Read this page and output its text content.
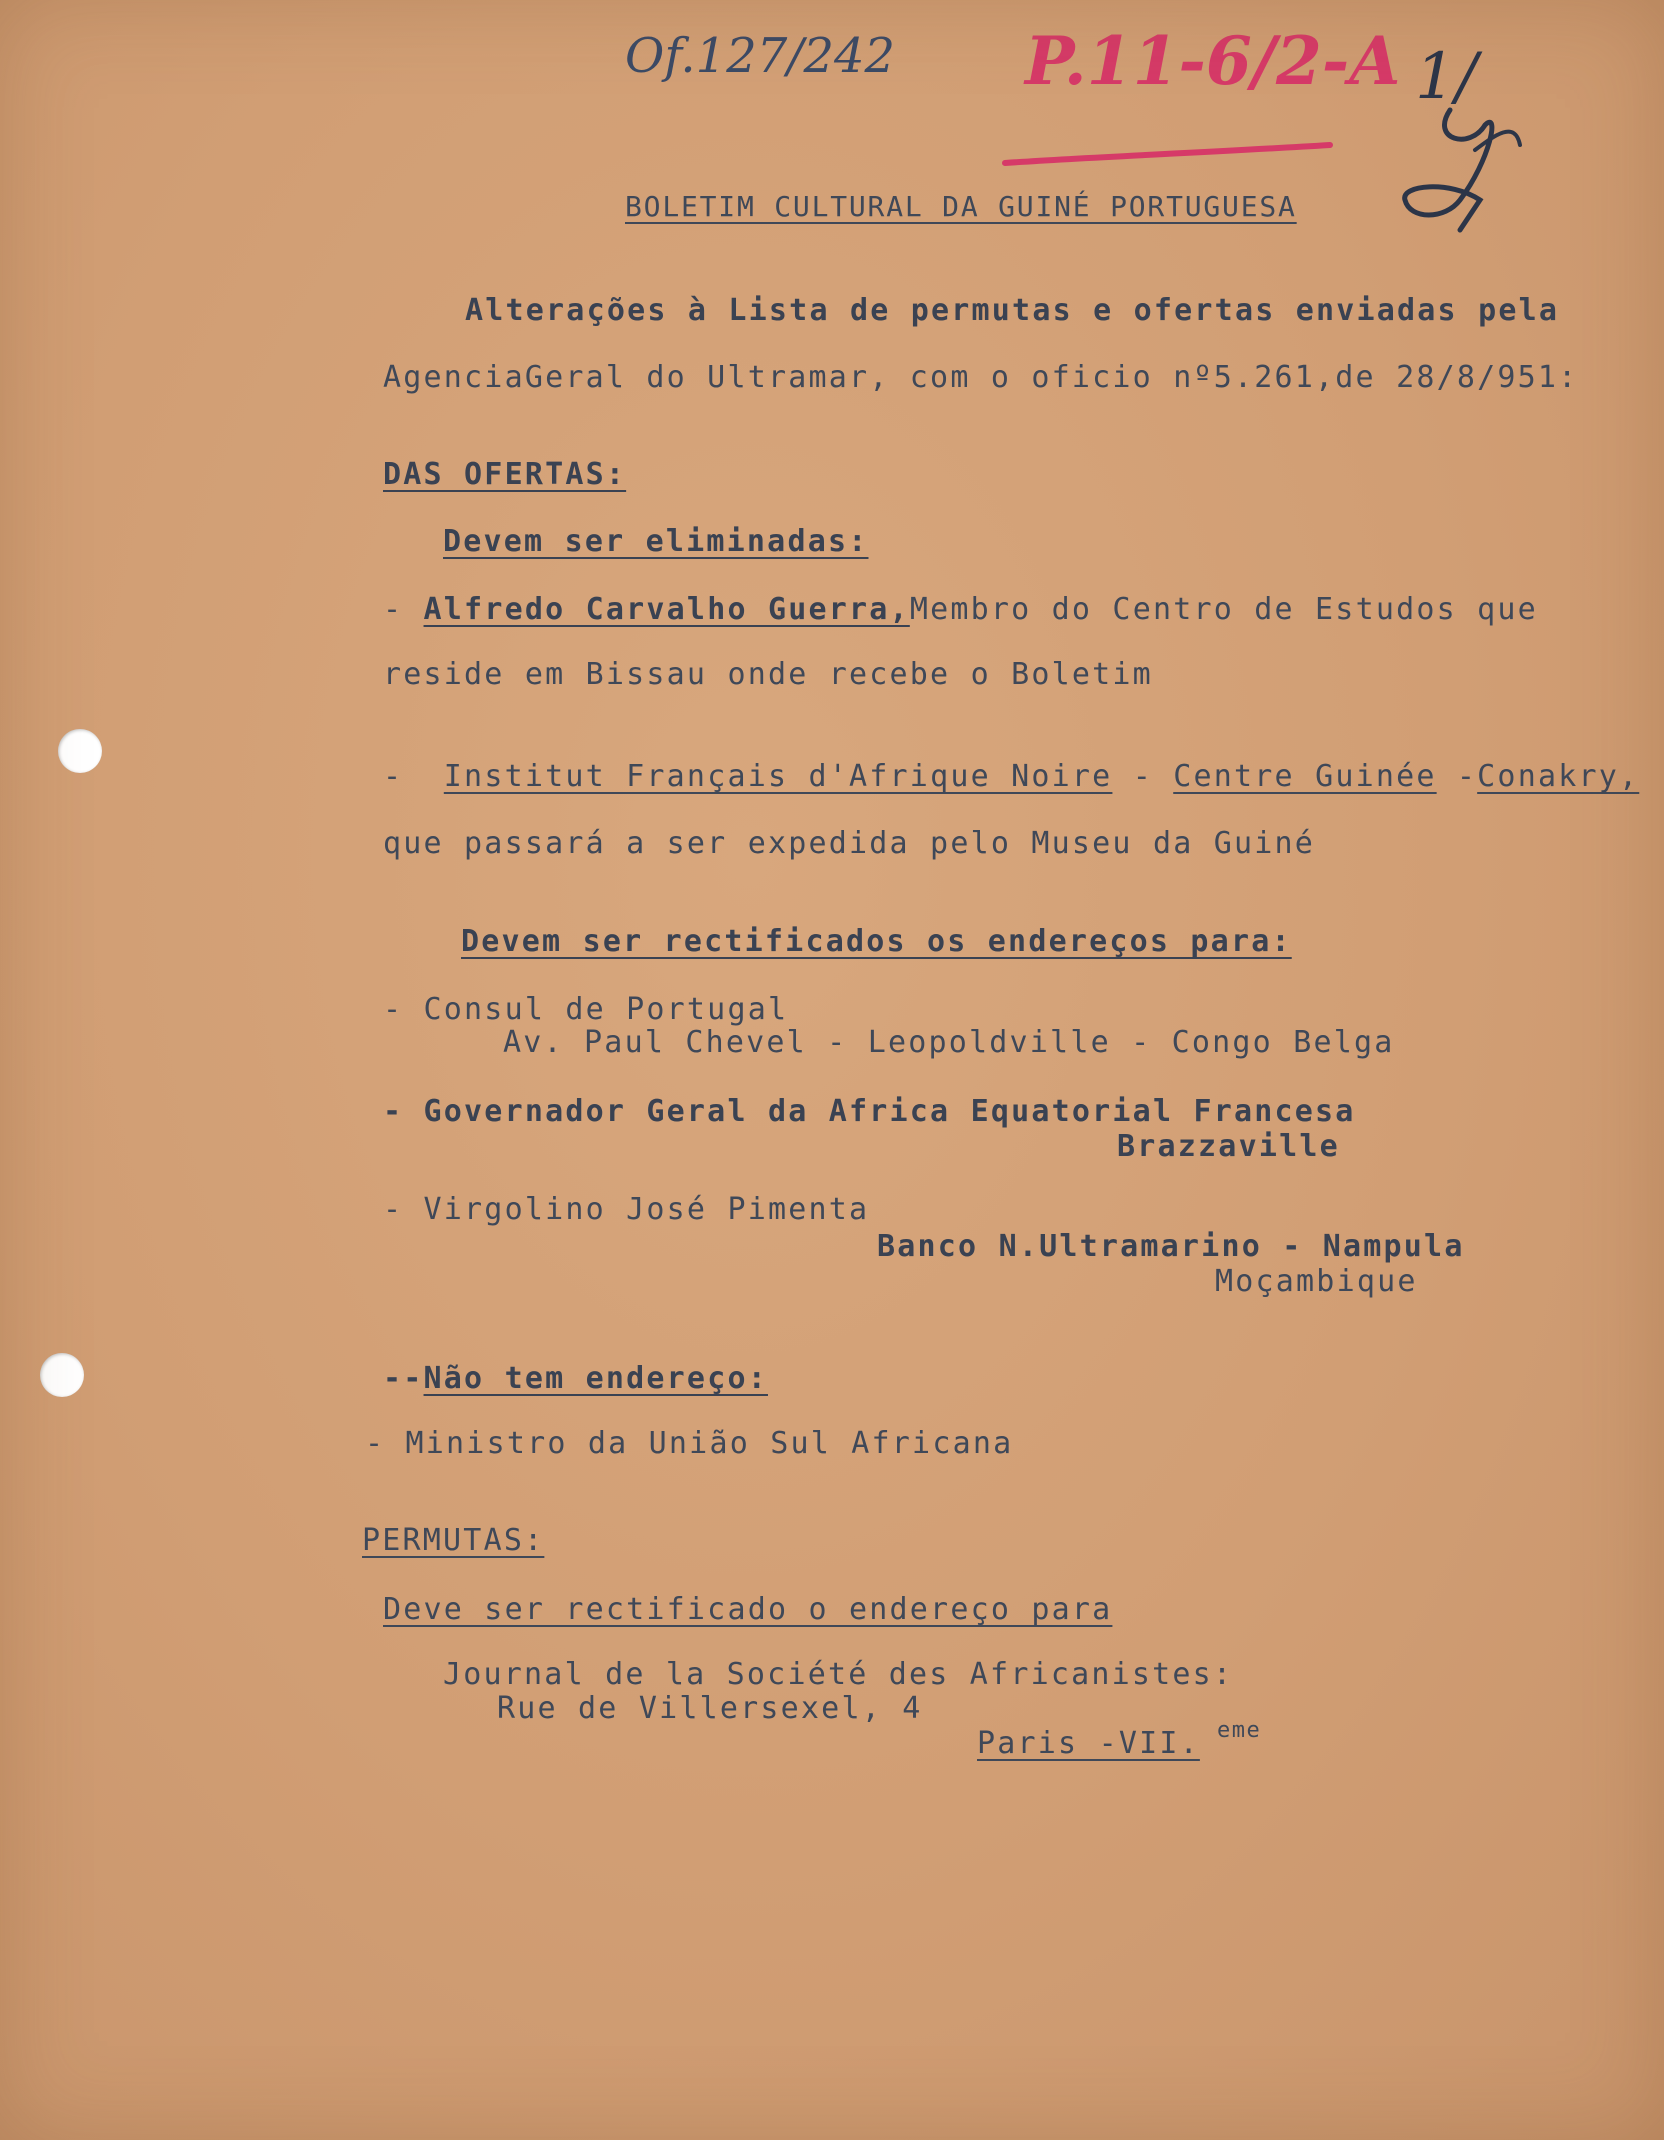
Of.127/242 P.11-6/2-A 1/
BOLETIM CULTURAL DA GUINÉ PORTUGUESA
Alterações à Lista de permutas e ofertas enviadas pela
AgenciaGeral do Ultramar, com o oficio nº5.261,de 28/8/951:
DAS OFERTAS:
Devem ser eliminadas:
- Alfredo Carvalho Guerra,Membro do Centro de Estudos que
reside em Bissau onde recebe o Boletim
-  Institut Français d'Afrique Noire - Centre Guinée -Conakry,
que passará a ser expedida pelo Museu da Guiné
Devem ser rectificados os endereços para:
- Consul de Portugal
Av. Paul Chevel - Leopoldville - Congo Belga
- Governador Geral da Africa Equatorial Francesa
Brazzaville
- Virgolino José Pimenta
Banco N.Ultramarino - Nampula
Moçambique
--Não tem endereço:
- Ministro da União Sul Africana
PERMUTAS:
Deve ser rectificado o endereço para
Journal de la Société des Africanistes:
Rue de Villersexel, 4
Paris -VII. eme
